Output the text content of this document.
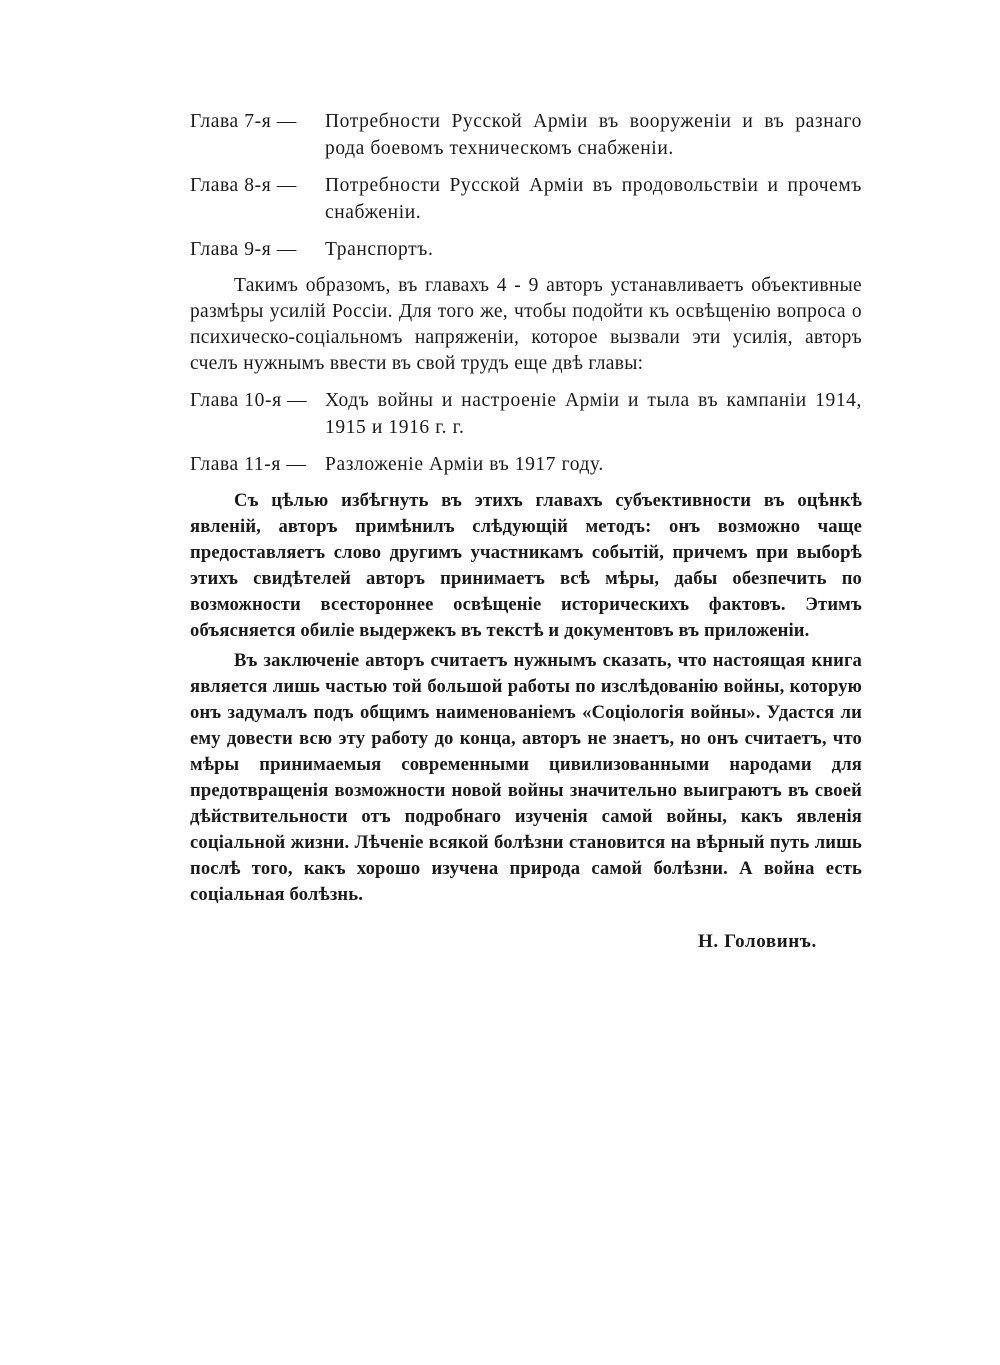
Глава 7-я —	Потребности Русской Арміи въ вооруженіи и въ разнаго рода боевомъ техническомъ снабженіи.
Глава 8-я —	Потребности Русской Арміи въ продовольствіи и прочемъ снабженіи.
Глава 9-я —	Транспортъ.

Такимъ образомъ, въ главахъ 4 - 9 авторъ устанавливаетъ объективные размѣры усилій Россіи. Для того же, чтобы подойти къ освѣщенію вопроса о психическо-соціальномъ напряженіи, которое вызвали эти усилія, авторъ счелъ нужнымъ ввести въ свой трудъ еще двѣ главы:

Глава 10-я — Ходъ войны и настроеніе Арміи и тыла въ кампаніи 1914, 1915 и 1916 г. г.
Глава 11-я — Разложеніе Арміи въ 1917 году.

Съ цѣлью избѣгнуть въ этихъ главахъ субъективности въ оцѣнкѣ явленій, авторъ примѣнилъ слѣдующій методъ: онъ возможно чаще предоставляетъ слово другимъ участникамъ событій, причемъ при выборѣ этихъ свидѣтелей авторъ принимаетъ всѣ мѣры, дабы обезпечить по возможности всестороннее освѣщеніе историческихъ фактовъ. Этимъ объясняется обиліе выдержекъ въ текстѣ и документовъ въ приложеніи.

Въ заключеніе авторъ считаетъ нужнымъ сказать, что настоящая книга является лишь частью той большой работы по изслѣдованію войны, которую онъ задумалъ подъ общимъ наименованіемъ «Соціологія войны». Удастся ли ему довести всю эту работу до конца, авторъ не знаетъ, но онъ считаетъ, что мѣры принимаемыя современными цивилизованными народами для предотвращенія возможности новой войны значительно выиграютъ въ своей дѣйствительности отъ подробнаго изученія самой войны, какъ явленія соціальной жизни. Лѣченіе всякой болѣзни становится на вѣрный путь лишь послѣ того, какъ хорошо изучена природа самой болѣзни. А война есть соціальная болѣзнь.

Н. Головинъ.
